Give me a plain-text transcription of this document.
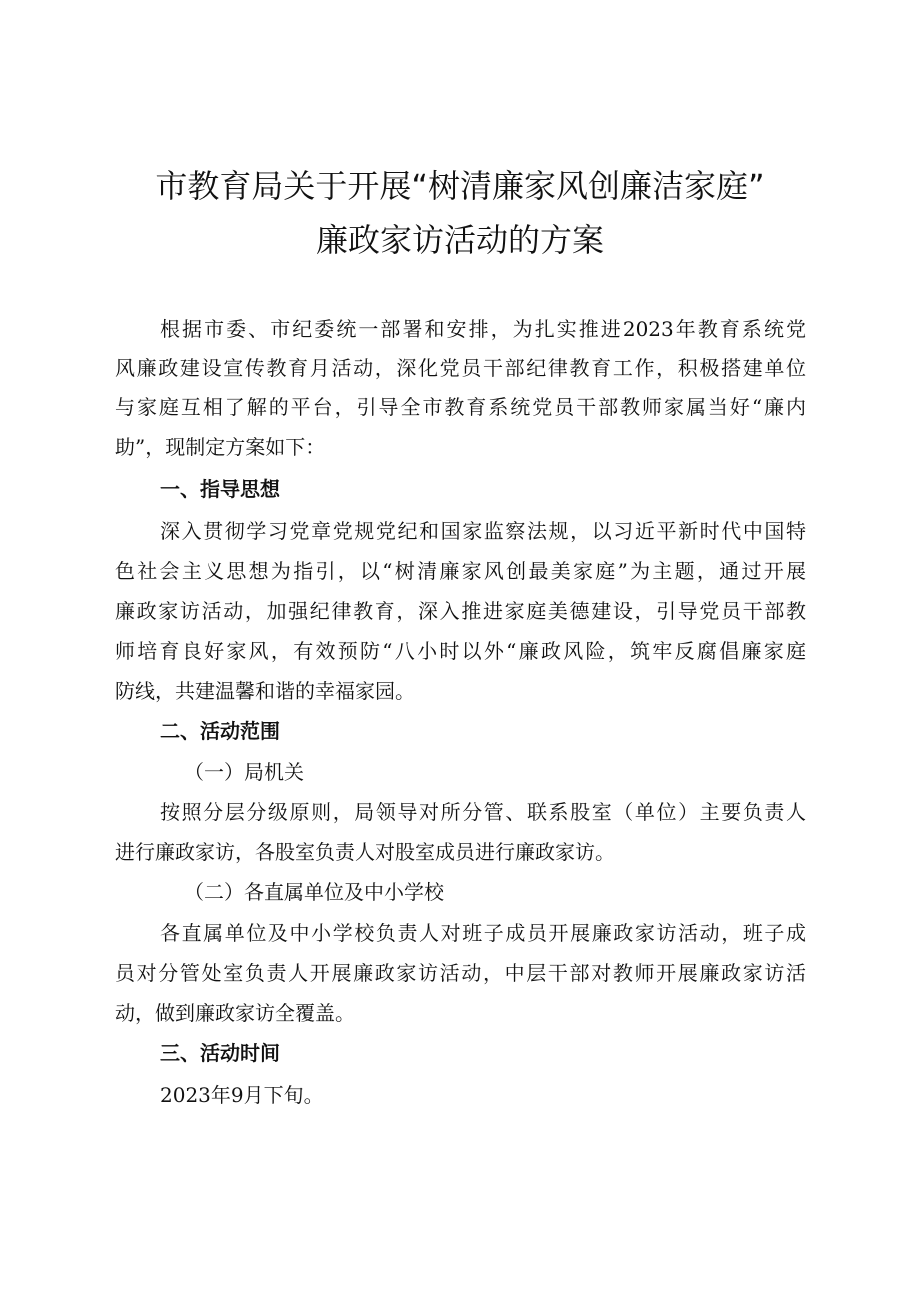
市教育局关于开展“树清廉家风创廉洁家庭”
廉政家访活动的方案

根据市委、市纪委统一部署和安排，为扎实推进2023年教育系统党

风廉政建设宣传教育月活动，深化党员干部纪律教育工作，积极搭建单位

与家庭互相了解的平台，引导全市教育系统党员干部教师家属当好“廉内

助”，现制定方案如下：

一、指导思想

深入贯彻学习党章党规党纪和国家监察法规，以习近平新时代中国特

色社会主义思想为指引，以“树清廉家风创最美家庭”为主题，通过开展

廉政家访活动，加强纪律教育，深入推进家庭美德建设，引导党员干部教

师培育良好家风，有效预防“八小时以外“廉政风险，筑牢反腐倡廉家庭

防线，共建温馨和谐的幸福家园。

二、活动范围

（一）局机关

按照分层分级原则，局领导对所分管、联系股室（单位）主要负责人

进行廉政家访，各股室负责人对股室成员进行廉政家访。

（二）各直属单位及中小学校

各直属单位及中小学校负责人对班子成员开展廉政家访活动，班子成

员对分管处室负责人开展廉政家访活动，中层干部对教师开展廉政家访活

动，做到廉政家访全覆盖。

三、活动时间

2023年9月下旬。
